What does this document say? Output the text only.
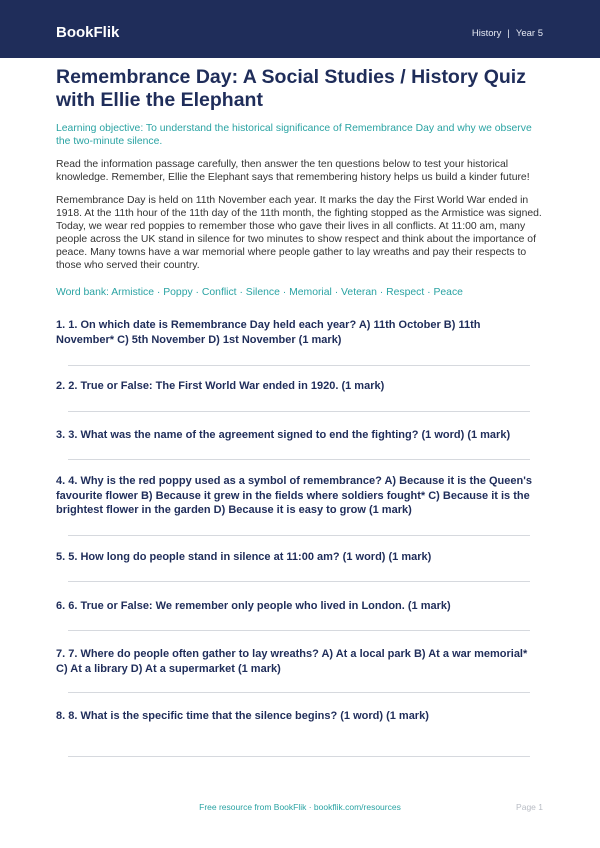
BookFlik	History | Year 5
Remembrance Day: A Social Studies / History Quiz with Ellie the Elephant
Learning objective: To understand the historical significance of Remembrance Day and why we observe the two-minute silence.
Read the information passage carefully, then answer the ten questions below to test your historical knowledge. Remember, Ellie the Elephant says that remembering history helps us build a kinder future!
Remembrance Day is held on 11th November each year. It marks the day the First World War ended in 1918. At the 11th hour of the 11th day of the 11th month, the fighting stopped as the Armistice was signed. Today, we wear red poppies to remember those who gave their lives in all conflicts. At 11:00 am, many people across the UK stand in silence for two minutes to show respect and think about the importance of peace. Many towns have a war memorial where people gather to lay wreaths and pay their respects to those who served their country.
Word bank: Armistice · Poppy · Conflict · Silence · Memorial · Veteran · Respect · Peace
1. 1. On which date is Remembrance Day held each year? A) 11th October B) 11th November* C) 5th November D) 1st November (1 mark)
2. 2. True or False: The First World War ended in 1920. (1 mark)
3. 3. What was the name of the agreement signed to end the fighting? (1 word) (1 mark)
4. 4. Why is the red poppy used as a symbol of remembrance? A) Because it is the Queen's favourite flower B) Because it grew in the fields where soldiers fought* C) Because it is the brightest flower in the garden D) Because it is easy to grow (1 mark)
5. 5. How long do people stand in silence at 11:00 am? (1 word) (1 mark)
6. 6. True or False: We remember only people who lived in London. (1 mark)
7. 7. Where do people often gather to lay wreaths? A) At a local park B) At a war memorial* C) At a library D) At a supermarket (1 mark)
8. 8. What is the specific time that the silence begins? (1 word) (1 mark)
Free resource from BookFlik · bookflik.com/resources	Page 1
